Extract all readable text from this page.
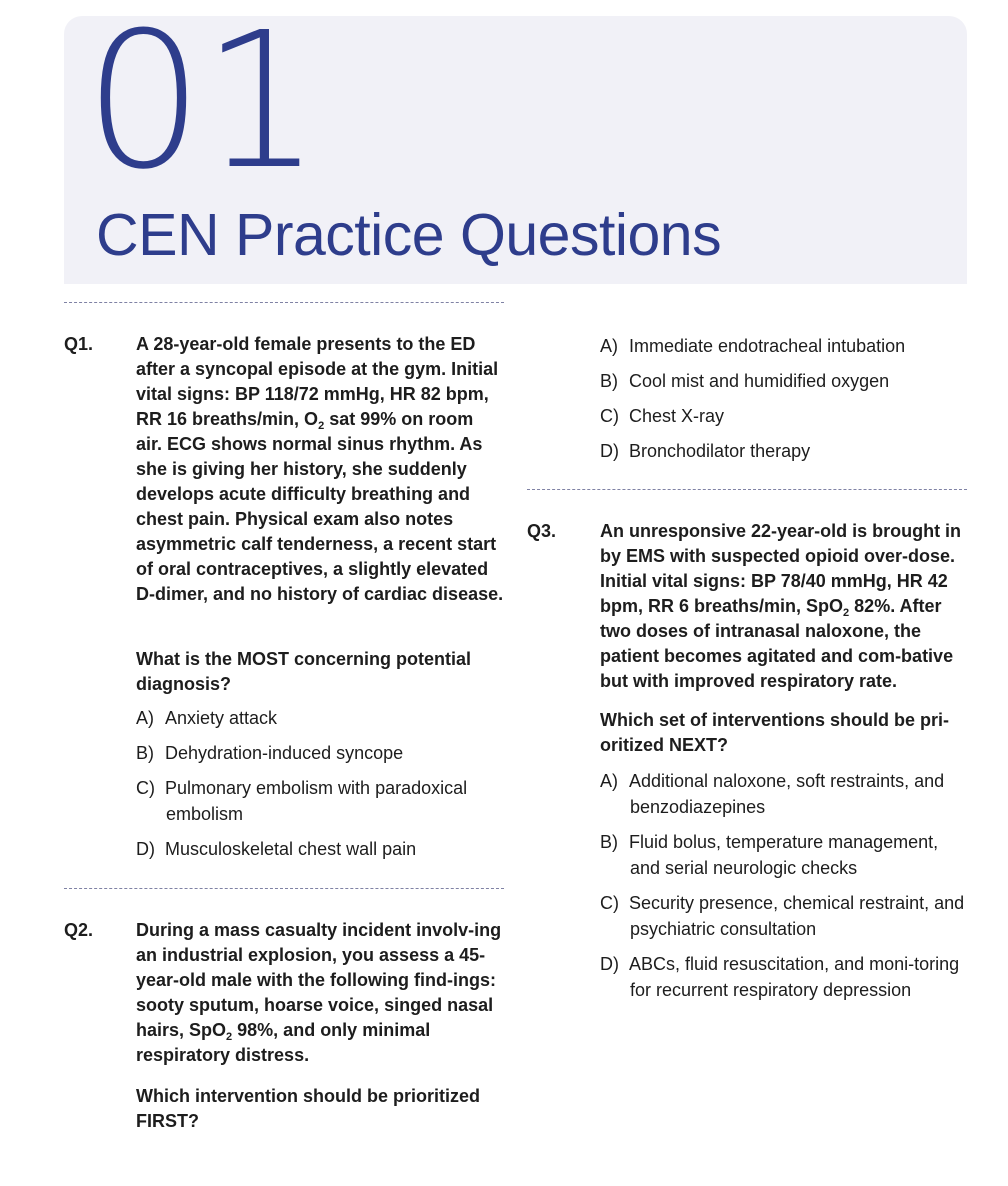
01
CEN Practice Questions
Q1. A 28-year-old female presents to the ED after a syncopal episode at the gym. Initial vital signs: BP 118/72 mmHg, HR 82 bpm, RR 16 breaths/min, $O_2$ sat 99% on room air. ECG shows normal sinus rhythm. As she is giving her history, she suddenly develops acute difficulty breathing and chest pain. Physical exam also notes asymmetric calf tenderness, a recent start of oral contraceptives, a slightly elevated D-dimer, and no history of cardiac disease.
What is the MOST concerning potential diagnosis?
A) Anxiety attack
B) Dehydration-induced syncope
C) Pulmonary embolism with paradoxical embolism
D) Musculoskeletal chest wall pain
Q2. During a mass casualty incident involv-ing an industrial explosion, you assess a 45-year-old male with the following find-ings: sooty sputum, hoarse voice, singed nasal hairs, SpO$_2$ 98%, and only minimal respiratory distress.
Which intervention should be prioritized FIRST?
A) Immediate endotracheal intubation
B) Cool mist and humidified oxygen
C) Chest X-ray
D) Bronchodilator therapy
Q3. An unresponsive 22-year-old is brought in by EMS with suspected opioid over-dose. Initial vital signs: BP 78/40 mmHg, HR 42 bpm, RR 6 breaths/min, SpO$_2$ 82%. After two doses of intranasal naloxone, the patient becomes agitated and com-bative but with improved respiratory rate.
Which set of interventions should be pri-oritized NEXT?
A) Additional naloxone, soft restraints, and benzodiazepines
B) Fluid bolus, temperature management, and serial neurologic checks
C) Security presence, chemical restraint, and psychiatric consultation
D) ABCs, fluid resuscitation, and moni-toring for recurrent respiratory depression
